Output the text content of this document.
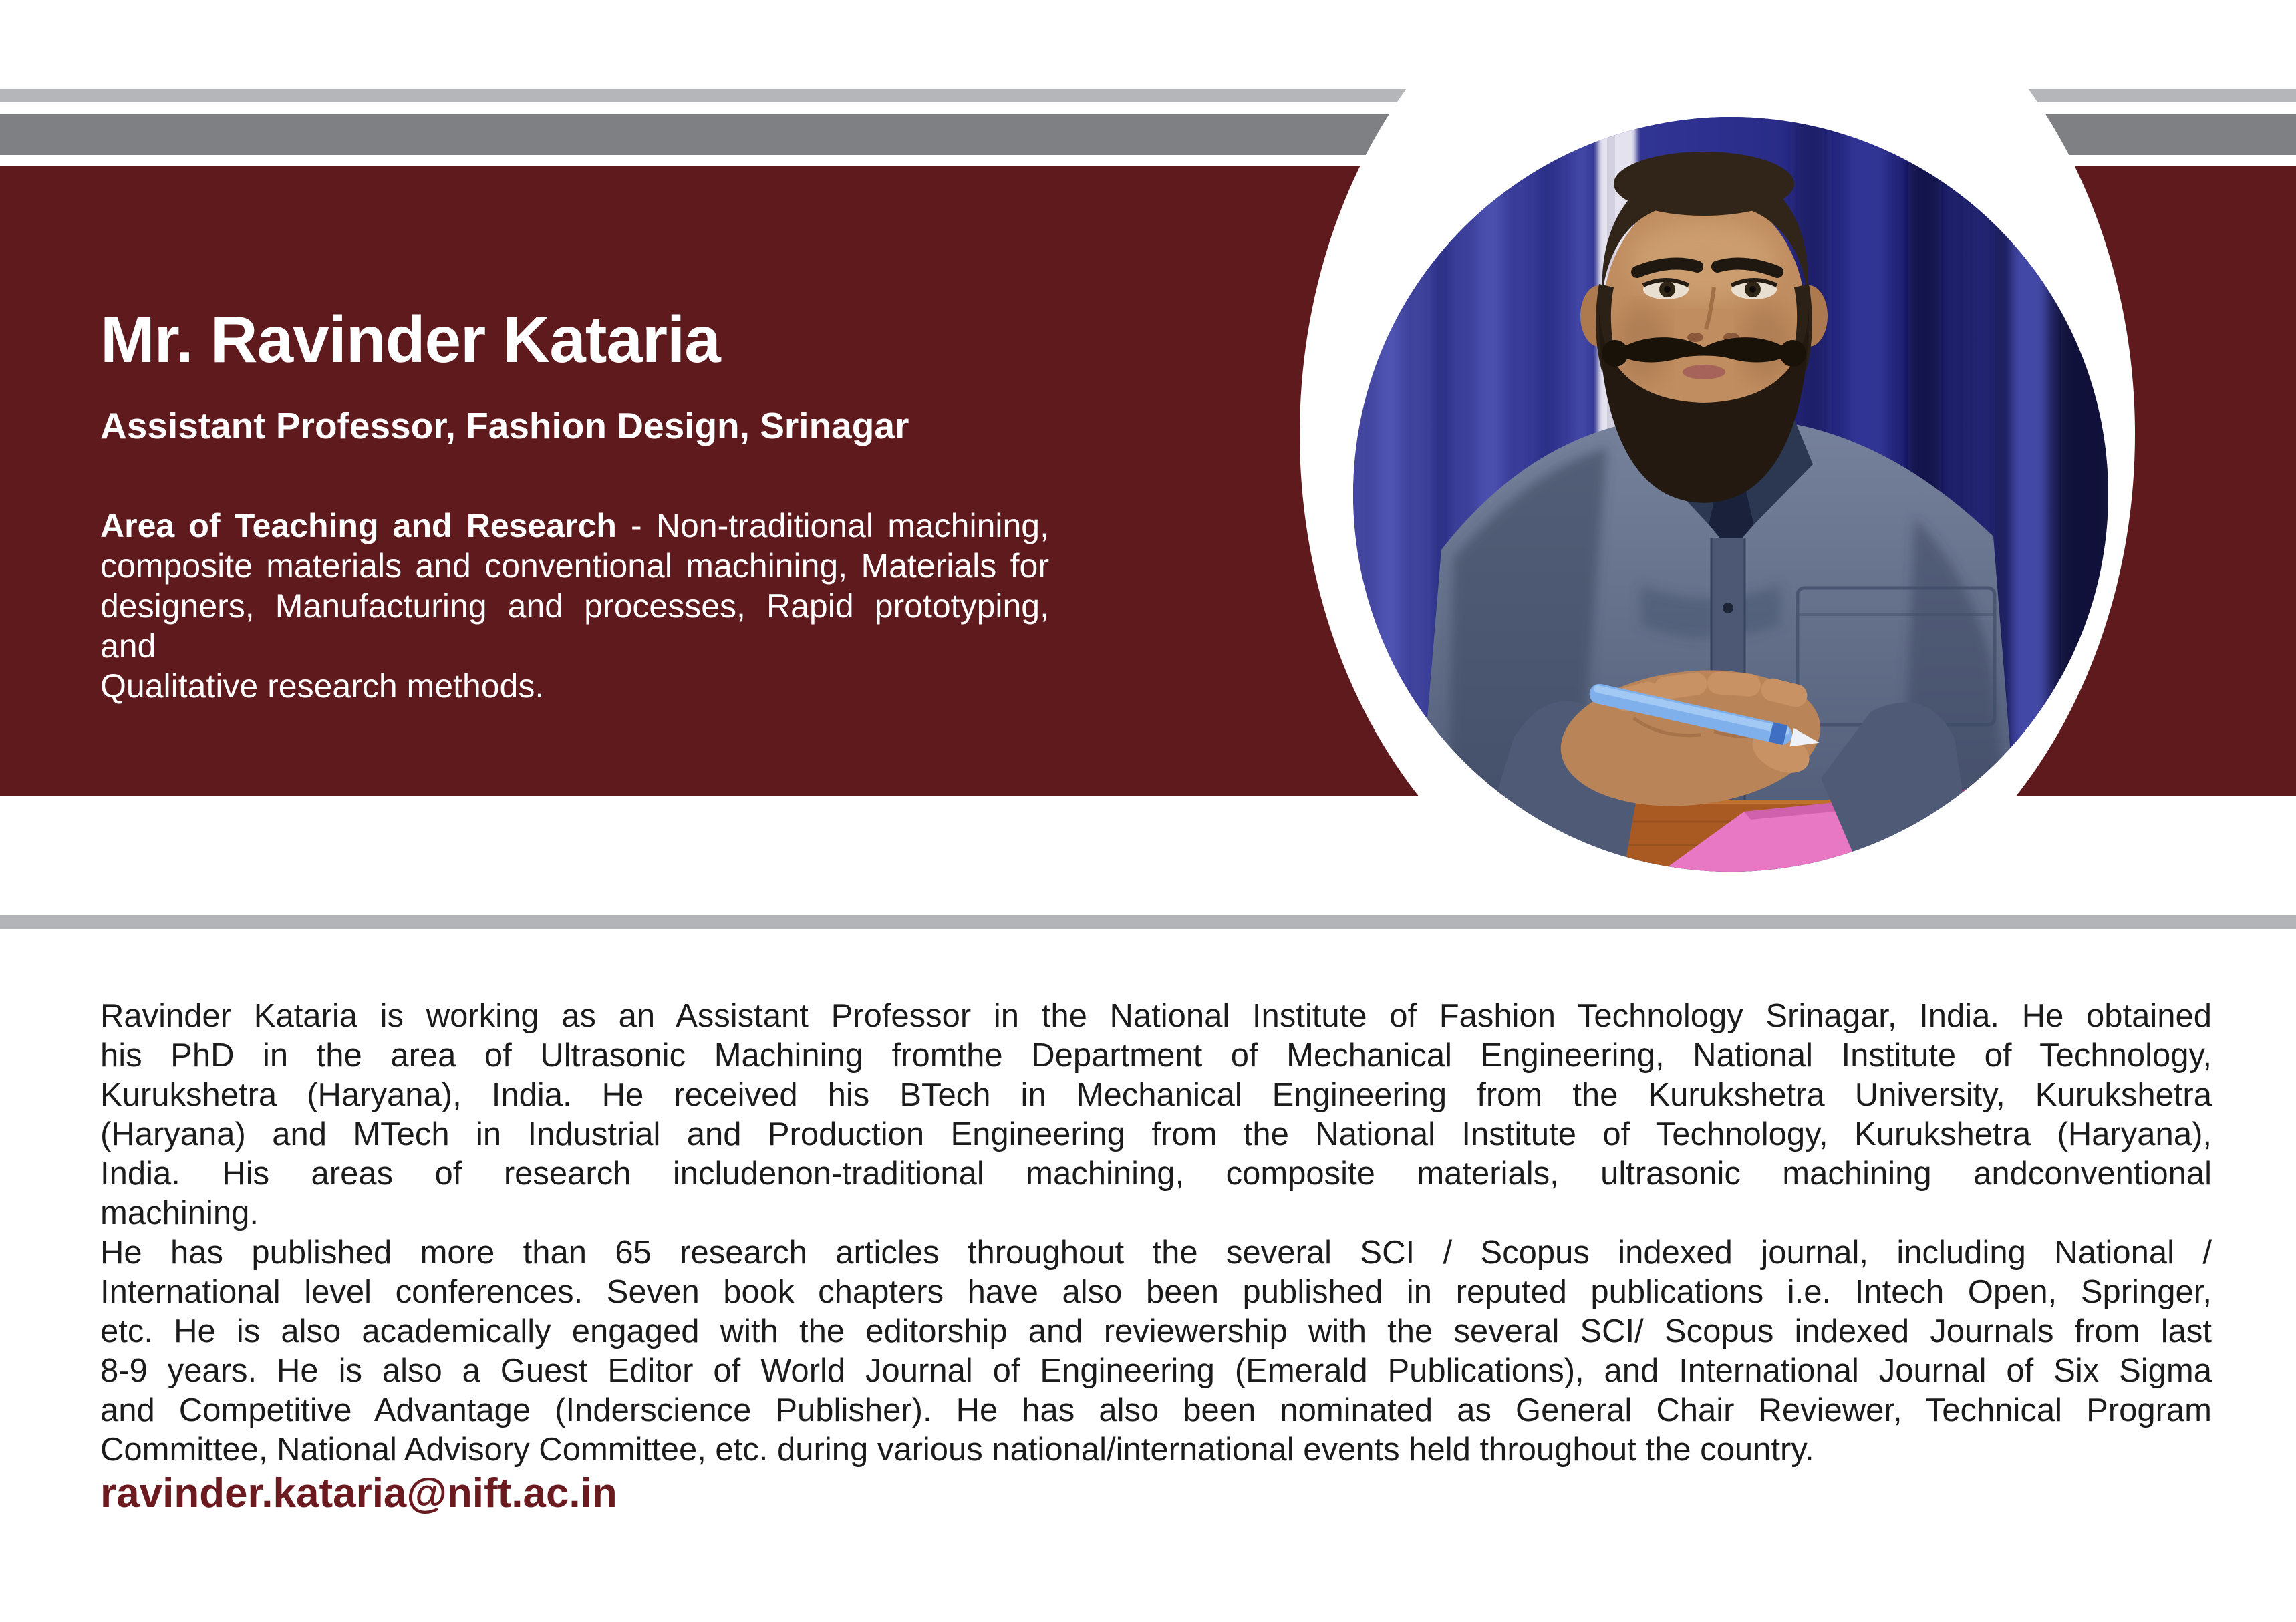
Mr. Ravinder Kataria
Assistant Professor, Fashion Design, Srinagar
Area of Teaching and Research - Non-traditional machining,
composite materials and conventional machining, Materials for
designers, Manufacturing and processes, Rapid prototyping, and
Qualitative research methods.
Ravinder Kataria is working as an Assistant Professor in the National Institute of Fashion Technology Srinagar, India. He obtained
his PhD in the area of Ultrasonic Machining fromthe Department of Mechanical Engineering, National Institute of Technology,
Kurukshetra (Haryana), India. He received his BTech in Mechanical Engineering from the Kurukshetra University, Kurukshetra
(Haryana) and MTech in Industrial and Production Engineering from the National Institute of Technology, Kurukshetra (Haryana),
India. His areas of research includenon-traditional machining, composite materials, ultrasonic machining andconventional
machining.
He has published more than 65 research articles throughout the several SCI / Scopus indexed journal, including National /
International level conferences. Seven book chapters have also been published in reputed publications i.e. Intech Open, Springer,
etc. He is also academically engaged with the editorship and reviewership with the several SCI/ Scopus indexed Journals from last
8-9 years. He is also a Guest Editor of World Journal of Engineering (Emerald Publications), and International Journal of Six Sigma
and Competitive Advantage (Inderscience Publisher). He has also been nominated as General Chair Reviewer, Technical Program
Committee, National Advisory Committee, etc. during various national/international events held throughout the country.
ravinder.kataria@nift.ac.in
